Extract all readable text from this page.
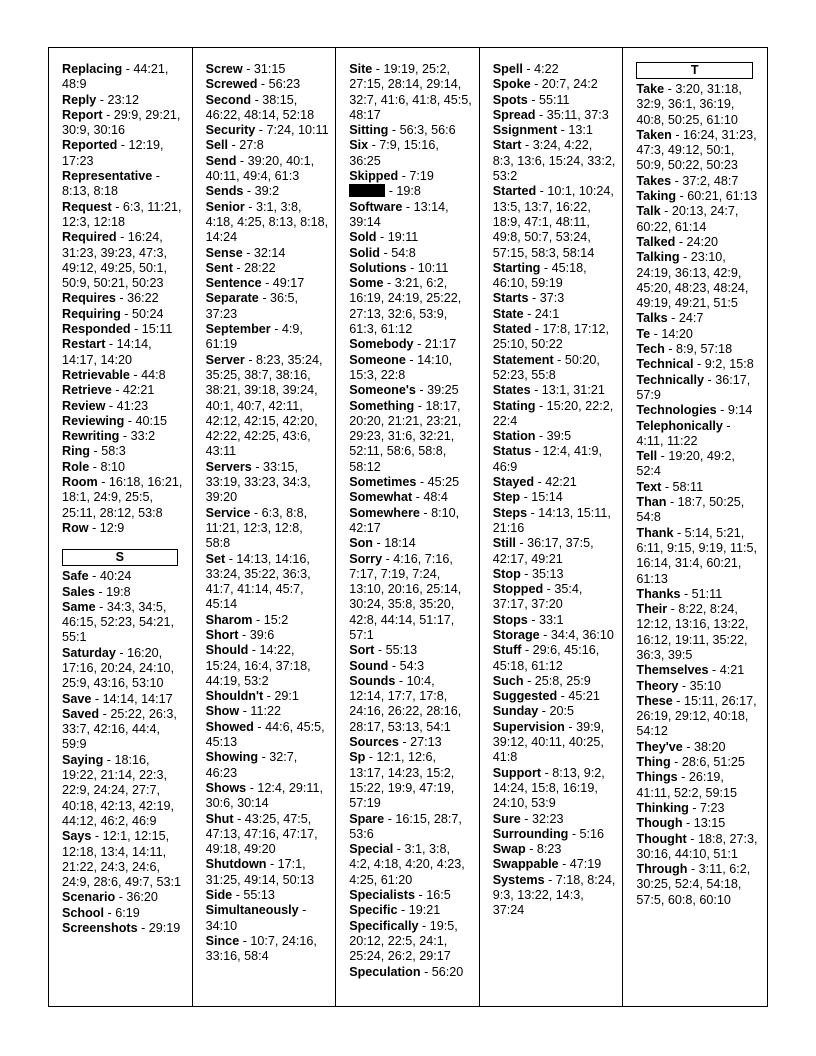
Replacing - 44:21, 48:9
Reply - 23:12
Report - 29:9, 29:21, 30:9, 30:16
Reported - 12:19, 17:23
Representative - 8:13, 8:18
Request - 6:3, 11:21, 12:3, 12:18
Required - 16:24, 31:23, 39:23, 47:3, 49:12, 49:25, 50:1, 50:9, 50:21, 50:23
Requires - 36:22
Requiring - 50:24
Responded - 15:11
Restart - 14:14, 14:17, 14:20
Retrievable - 44:8
Retrieve - 42:21
Review - 41:23
Reviewing - 40:15
Rewriting - 33:2
Ring - 58:3
Role - 8:10
Room - 16:18, 16:21, 18:1, 24:9, 25:5, 25:11, 28:12, 53:8
Row - 12:9
S
Safe - 40:24
Sales - 19:8
Same - 34:3, 34:5, 46:15, 52:23, 54:21, 55:1
Saturday - 16:20, 17:16, 20:24, 24:10, 25:9, 43:16, 53:10
Save - 14:14, 14:17
Saved - 25:22, 26:3, 33:7, 42:16, 44:4, 59:9
Saying - 18:16, 19:22, 21:14, 22:3, 22:9, 24:24, 27:7, 40:18, 42:13, 42:19, 44:12, 46:2, 46:9
Says - 12:1, 12:15, 12:18, 13:4, 14:11, 21:22, 24:3, 24:6, 24:9, 28:6, 49:7, 53:1
Scenario - 36:20
School - 6:19
Screenshots - 29:19
Screw - 31:15
Screwed - 56:23
Second - 38:15, 46:22, 48:14, 52:18
Security - 7:24, 10:11
Sell - 27:8
Send - 39:20, 40:1, 40:11, 49:4, 61:3
Sends - 39:2
Senior - 3:1, 3:8, 4:18, 4:25, 8:13, 8:18, 14:24
Sense - 32:14
Sent - 28:22
Sentence - 49:17
Separate - 36:5, 37:23
September - 4:9, 61:19
Server - 8:23, 35:24, 35:25, 38:7, 38:16, 38:21, 39:18, 39:24, 40:1, 40:7, 42:11, 42:12, 42:15, 42:20, 42:22, 42:25, 43:6, 43:11
Servers - 33:15, 33:19, 33:23, 34:3, 39:20
Service - 6:3, 8:8, 11:21, 12:3, 12:8, 58:8
Set - 14:13, 14:16, 33:24, 35:22, 36:3, 41:7, 41:14, 45:7, 45:14
Sharom - 15:2
Short - 39:6
Should - 14:22, 15:24, 16:4, 37:18, 44:19, 53:2
Shouldn't - 29:1
Show - 11:22
Showed - 44:6, 45:5, 45:13
Showing - 32:7, 46:23
Shows - 12:4, 29:11, 30:6, 30:14
Shut - 43:25, 47:5, 47:13, 47:16, 47:17, 49:18, 49:20
Shutdown - 17:1, 31:25, 49:14, 50:13
Side - 55:13
Simultaneously - 34:10
Since - 10:7, 24:16, 33:16, 58:4
Site - 19:19, 25:2, 27:15, 28:14, 29:14, 32:7, 41:6, 41:8, 45:5, 48:17
Sitting - 56:3, 56:6
Six - 7:9, 15:16, 36:25
Skipped - 7:19
- 19:8
Software - 13:14, 39:14
Sold - 19:11
Solid - 54:8
Solutions - 10:11
Some - 3:21, 6:2, 16:19, 24:19, 25:22, 27:13, 32:6, 53:9, 61:3, 61:12
Somebody - 21:17
Someone - 14:10, 15:3, 22:8
Someone's - 39:25
Something - 18:17, 20:20, 21:21, 23:21, 29:23, 31:6, 32:21, 52:11, 58:6, 58:8, 58:12
Sometimes - 45:25
Somewhat - 48:4
Somewhere - 8:10, 42:17
Son - 18:14
Sorry - 4:16, 7:16, 7:17, 7:19, 7:24, 13:10, 20:16, 25:14, 30:24, 35:8, 35:20, 42:8, 44:14, 51:17, 57:1
Sort - 55:13
Sound - 54:3
Sounds - 10:4, 12:14, 17:7, 17:8, 24:16, 26:22, 28:16, 28:17, 53:13, 54:1
Sources - 27:13
Sp - 12:1, 12:6, 13:17, 14:23, 15:2, 15:22, 19:9, 47:19, 57:19
Spare - 16:15, 28:7, 53:6
Special - 3:1, 3:8, 4:2, 4:18, 4:20, 4:23, 4:25, 61:20
Specialists - 16:5
Specific - 19:21
Specifically - 19:5, 20:12, 22:5, 24:1, 25:24, 26:2, 29:17
Speculation - 56:20
Spell - 4:22
Spoke - 20:7, 24:2
Spots - 55:11
Spread - 35:11, 37:3
Ssignment - 13:1
Start - 3:24, 4:22, 8:3, 13:6, 15:24, 33:2, 53:2
Started - 10:1, 10:24, 13:5, 13:7, 16:22, 18:9, 47:1, 48:11, 49:8, 50:7, 53:24, 57:15, 58:3, 58:14
Starting - 45:18, 46:10, 59:19
Starts - 37:3
State - 24:1
Stated - 17:8, 17:12, 25:10, 50:22
Statement - 50:20, 52:23, 55:8
States - 13:1, 31:21
Stating - 15:20, 22:2, 22:4
Station - 39:5
Status - 12:4, 41:9, 46:9
Stayed - 42:21
Step - 15:14
Steps - 14:13, 15:11, 21:16
Still - 36:17, 37:5, 42:17, 49:21
Stop - 35:13
Stopped - 35:4, 37:17, 37:20
Stops - 33:1
Storage - 34:4, 36:10
Stuff - 29:6, 45:16, 45:18, 61:12
Such - 25:8, 25:9
Suggested - 45:21
Sunday - 20:5
Supervision - 39:9, 39:12, 40:11, 40:25, 41:8
Support - 8:13, 9:2, 14:24, 15:8, 16:19, 24:10, 53:9
Sure - 32:23
Surrounding - 5:16
Swap - 8:23
Swappable - 47:19
Systems - 7:18, 8:24, 9:3, 13:22, 14:3, 37:24
T
Take - 3:20, 31:18, 32:9, 36:1, 36:19, 40:8, 50:25, 61:10
Taken - 16:24, 31:23, 47:3, 49:12, 50:1, 50:9, 50:22, 50:23
Takes - 37:2, 48:7
Taking - 60:21, 61:13
Talk - 20:13, 24:7, 60:22, 61:14
Talked - 24:20
Talking - 23:10, 24:19, 36:13, 42:9, 45:20, 48:23, 48:24, 49:19, 49:21, 51:5
Talks - 24:7
Te - 14:20
Tech - 8:9, 57:18
Technical - 9:2, 15:8
Technically - 36:17, 57:9
Technologies - 9:14
Telephonically - 4:11, 11:22
Tell - 19:20, 49:2, 52:4
Text - 58:11
Than - 18:7, 50:25, 54:8
Thank - 5:14, 5:21, 6:11, 9:15, 9:19, 11:5, 16:14, 31:4, 60:21, 61:13
Thanks - 51:11
Their - 8:22, 8:24, 12:12, 13:16, 13:22, 16:12, 19:11, 35:22, 36:3, 39:5
Themselves - 4:21
Theory - 35:10
These - 15:11, 26:17, 26:19, 29:12, 40:18, 54:12
They've - 38:20
Thing - 28:6, 51:25
Things - 26:19, 41:11, 52:2, 59:15
Thinking - 7:23
Though - 13:15
Thought - 18:8, 27:3, 30:16, 44:10, 51:1
Through - 3:11, 6:2, 30:25, 52:4, 54:18, 57:5, 60:8, 60:10
